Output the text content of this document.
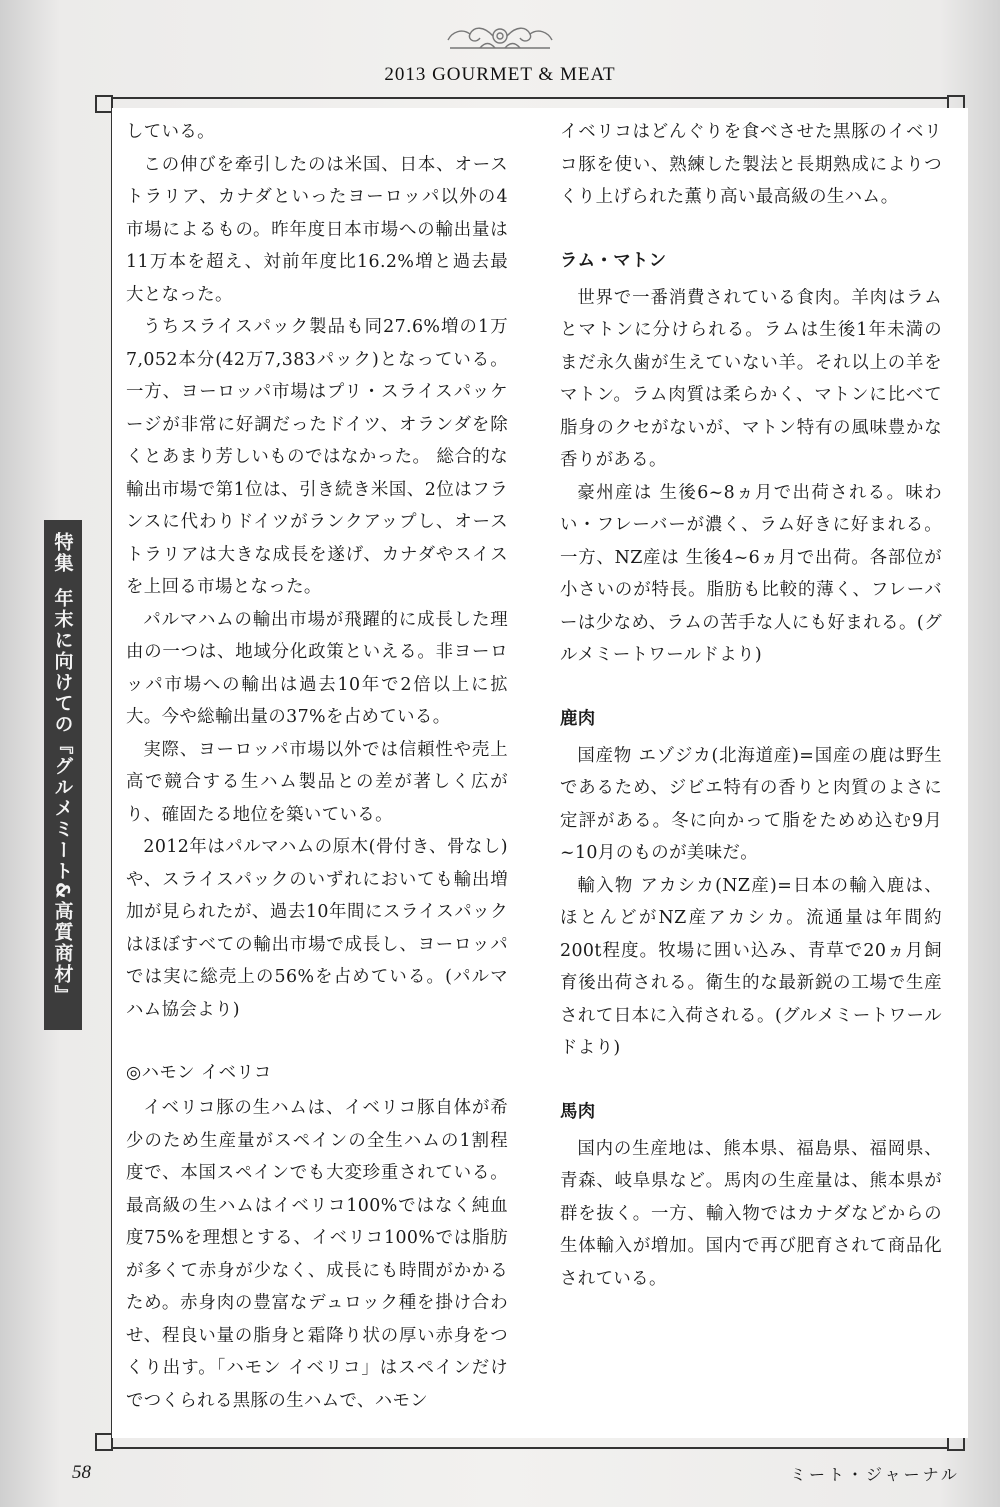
2013 GOURMET & MEAT

している。

この伸びを牽引したのは米国、日本、オーストラリア、カナダといったヨーロッパ以外の4市場によるもの。昨年度日本市場への輸出量は11万本を超え、対前年度比16.2%増と過去最大となった。

うちスライスパック製品も同27.6%増の1万7,052本分(42万7,383パック)となっている。一方、ヨーロッパ市場はプリ・スライスパッケージが非常に好調だったドイツ、オランダを除くとあまり芳しいものではなかった。 総合的な輸出市場で第1位は、引き続き米国、2位はフランスに代わりドイツがランクアップし、オーストラリアは大きな成長を遂げ、カナダやスイスを上回る市場となった。

パルマハムの輸出市場が飛躍的に成長した理由の一つは、地域分化政策といえる。非ヨーロッパ市場への輸出は過去10年で2倍以上に拡大。今や総輸出量の37%を占めている。

実際、ヨーロッパ市場以外では信頼性や売上高で競合する生ハム製品との差が著しく広がり、確固たる地位を築いている。

2012年はパルマハムの原木(骨付き、骨なし)や、スライスパックのいずれにおいても輸出増加が見られたが、過去10年間にスライスパックはほぼすべての輸出市場で成長し、ヨーロッパでは実に総売上の56%を占めている。(パルマハム協会より)

◎ハモン イベリコ

イベリコ豚の生ハムは、イベリコ豚自体が希少のため生産量がスペインの全生ハムの1割程度で、本国スペインでも大変珍重されている。最高級の生ハムはイベリコ100%ではなく純血度75%を理想とする、イベリコ100%では脂肪が多くて赤身が少なく、成長にも時間がかかるため。赤身肉の豊富なデュロック種を掛け合わせ、程良い量の脂身と霜降り状の厚い赤身をつくり出す。「ハモン イベリコ」はスペインだけでつくられる黒豚の生ハムで、ハモン

イベリコはどんぐりを食べさせた黒豚のイベリコ豚を使い、熟練した製法と長期熟成によりつくり上げられた薫り高い最高級の生ハム。

ラム・マトン

世界で一番消費されている食肉。羊肉はラムとマトンに分けられる。ラムは生後1年未満のまだ永久歯が生えていない羊。それ以上の羊をマトン。ラム肉質は柔らかく、マトンに比べて脂身のクセがないが、マトン特有の風味豊かな香りがある。

豪州産は 生後6~8ヵ月で出荷される。味わい・フレーバーが濃く、ラム好きに好まれる。一方、NZ産は 生後4~6ヵ月で出荷。各部位が小さいのが特長。脂肪も比較的薄く、フレーバーは少なめ、ラムの苦手な人にも好まれる。(グルメミートワールドより)

鹿肉

国産物 エゾジカ(北海道産)=国産の鹿は野生であるため、ジビエ特有の香りと肉質のよさに定評がある。冬に向かって脂をためめ込む9月~10月のものが美味だ。

輸入物 アカシカ(NZ産)=日本の輸入鹿は、ほとんどがNZ産アカシカ。流通量は年間約200t程度。牧場に囲い込み、青草で20ヵ月飼育後出荷される。衛生的な最新鋭の工場で生産されて日本に入荷される。(グルメミートワールドより)

馬肉

国内の生産地は、熊本県、福島県、福岡県、青森、岐阜県など。馬肉の生産量は、熊本県が群を抜く。一方、輸入物ではカナダなどからの生体輸入が増加。国内で再び肥育されて商品化されている。

特集
年末に向けての『グルメミート&高質商材』
58	ミート・ジャーナル
